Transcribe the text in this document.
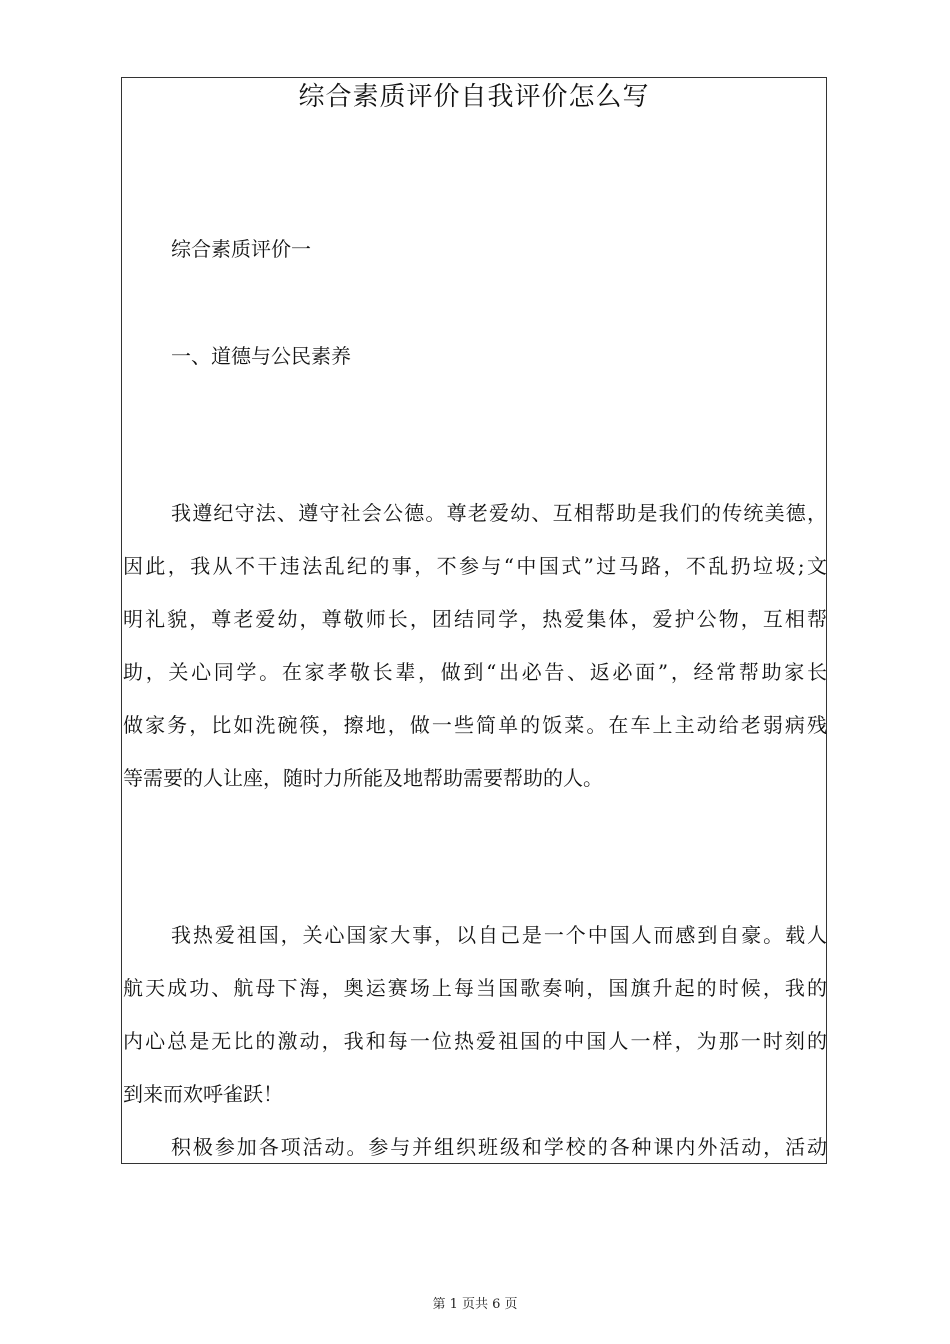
综合素质评价自我评价怎么写
综合素质评价一
一、道德与公民素养
我遵纪守法、遵守社会公德。尊老爱幼、互相帮助是我们的传统美德，
因此，我从不干违法乱纪的事，不参与“中国式”过马路，不乱扔垃圾;文
明礼貌，尊老爱幼，尊敬师长，团结同学，热爱集体，爱护公物，互相帮
助，关心同学。在家孝敬长辈，做到“出必告、返必面”，经常帮助家长
做家务，比如洗碗筷，擦地，做一些简单的饭菜。在车上主动给老弱病残
等需要的人让座，随时力所能及地帮助需要帮助的人。
我热爱祖国，关心国家大事，以自己是一个中国人而感到自豪。载人
航天成功、航母下海，奥运赛场上每当国歌奏响，国旗升起的时候，我的
内心总是无比的激动，我和每一位热爱祖国的中国人一样，为那一时刻的
到来而欢呼雀跃！
积极参加各项活动。参与并组织班级和学校的各种课内外活动，活动
第 1 页共 6 页
